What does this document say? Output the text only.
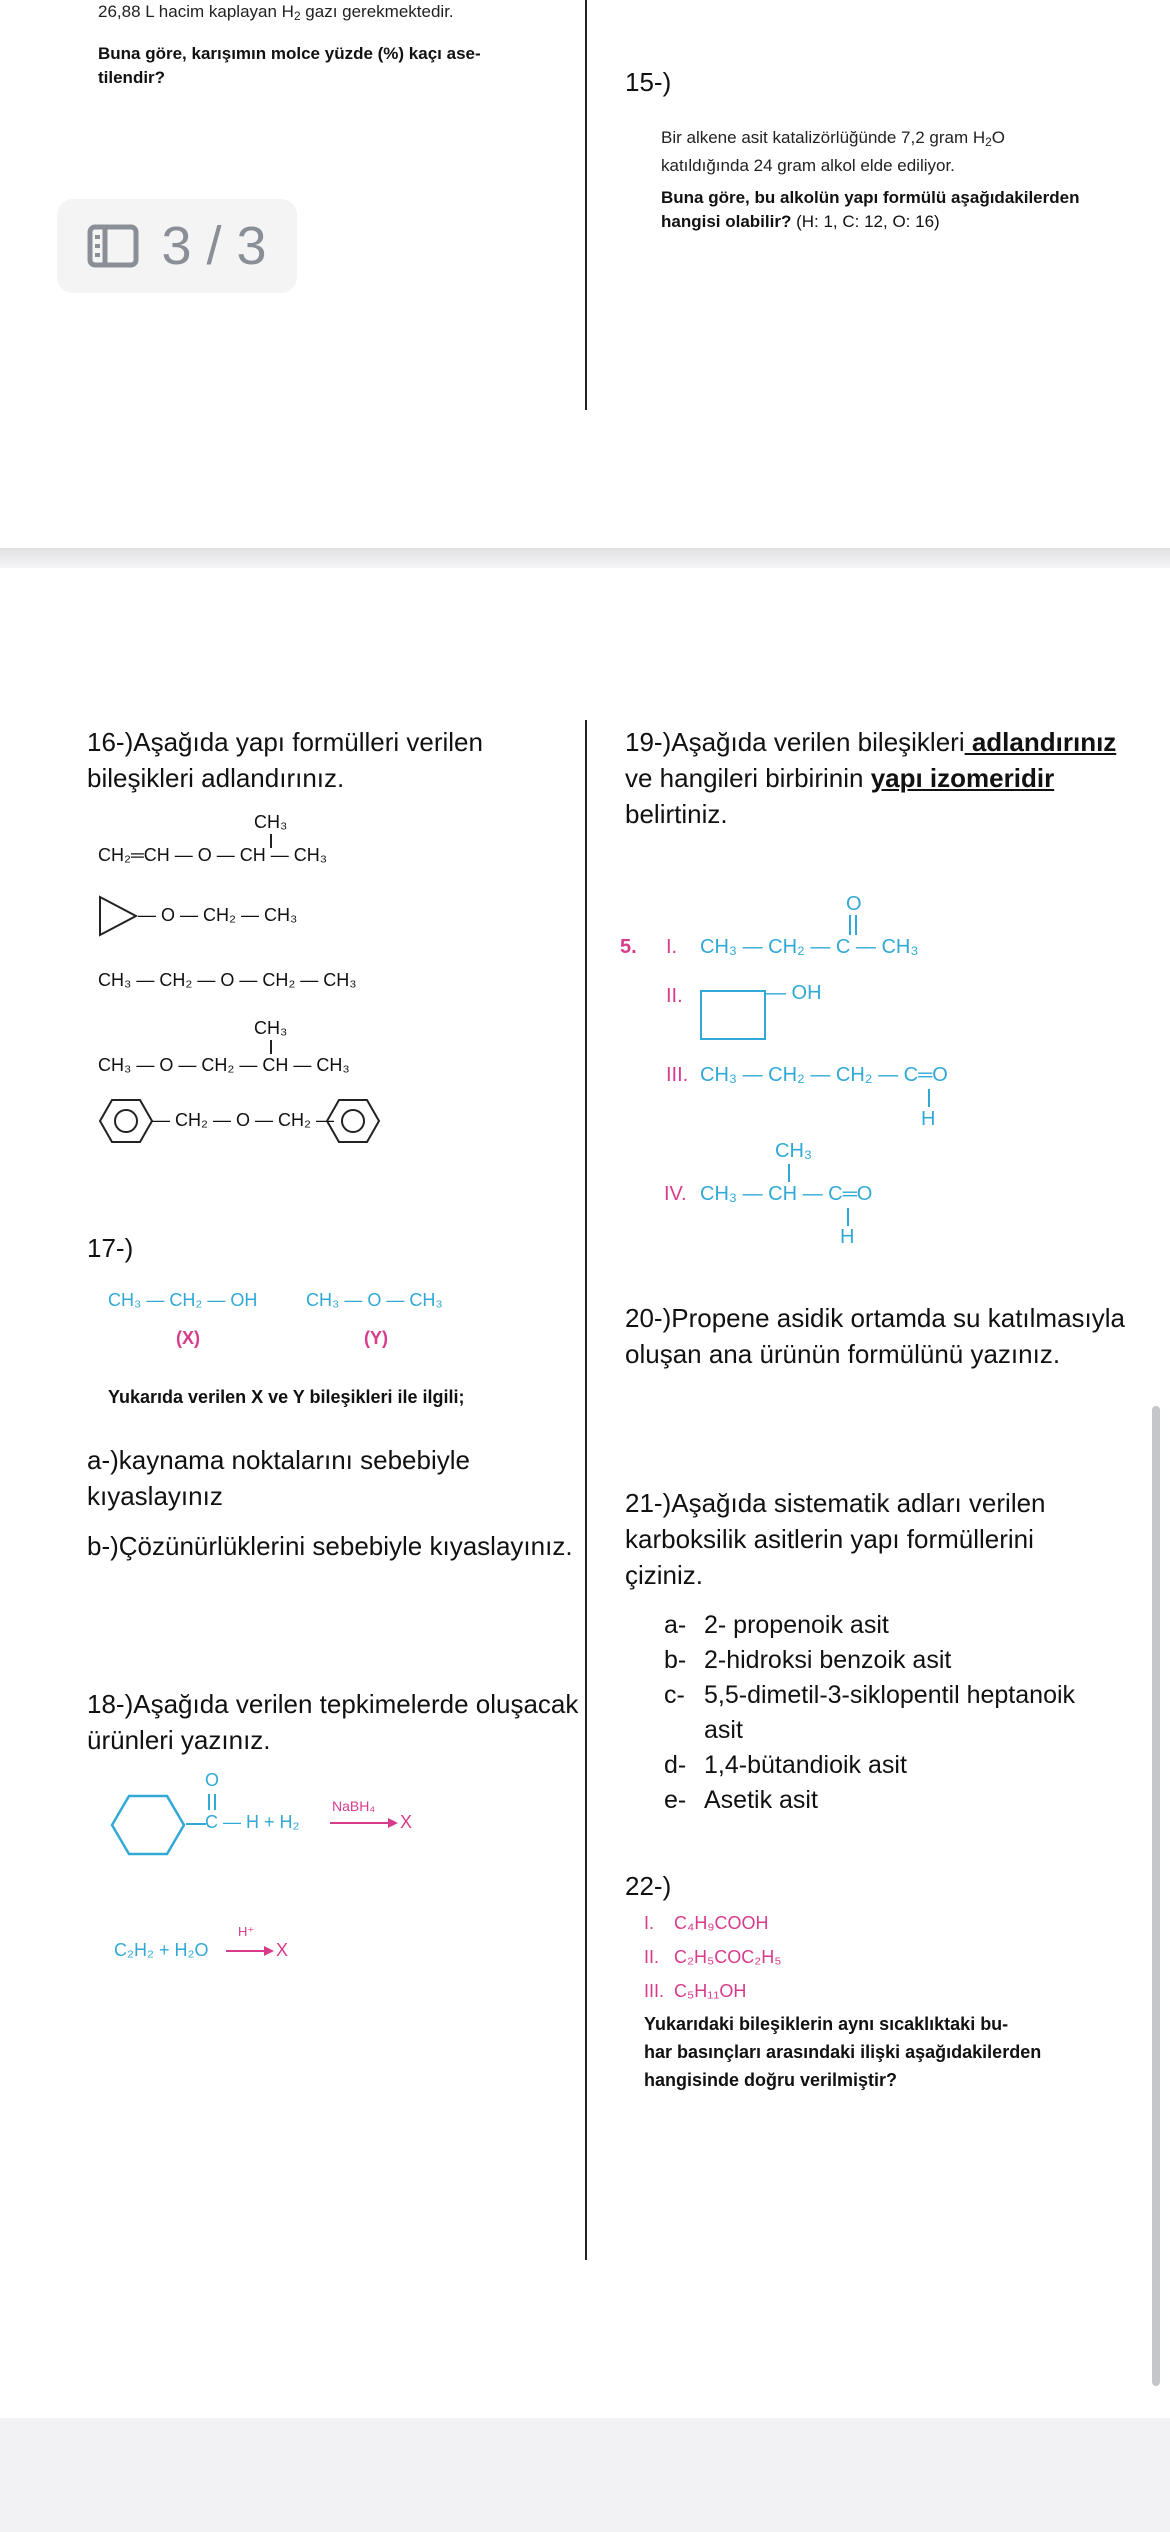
26,88 L hacim kaplayan $H_2$ gazı gerekmektedir.
Buna göre, karışımın molce yüzde (%) kaçı ase-
tilendir?	15-)
Bir alkene asit katalizörlüğünde 7,2 gram $H_2O$
katıldığında 24 gram alkol elde ediliyor.
Buna göre, bu alkolün yapı formülü aşağıdakilerden
hangisi olabilir? (H: 1, C: 12, O: 16)
3 / 3
16-)Aşağıda yapı formülleri verilen
bileşikleri adlandırınız.
CH₃
CH₂═CH — O — CH — CH₃
— O — CH₂ — CH₃
CH₃ — CH₂ — O — CH₂ — CH₃
CH₃
CH₃ — O — CH₂ — CH — CH₃
— CH₂ — O — CH₂ —
17-)
CH₃ — CH₂ — OH	CH₃ — O — CH₃
(X)	(Y)
Yukarıda verilen X ve Y bileşikleri ile ilgili;
a-)kaynama noktalarını sebebiyle
kıyaslayınız
b-)Çözünürlüklerini sebebiyle kıyaslayınız.
18-)Aşağıda verilen tepkimelerde oluşacak
ürünleri yazınız.
O
C — H + H₂
NaBH₄
X
C₂H₂ + H₂O
H⁺
X
19-)Aşağıda verilen bileşikleri adlandırınız
ve hangileri birbirinin yapı izomeridir
belirtiniz.
5.
O
I. CH₃ — CH₂ — C — CH₃
II.	— OH
III. CH₃ — CH₂ — CH₂ — C═O
H
CH₃
IV. CH₃ — CH — C═O
H
20-)Propene asidik ortamda su katılmasıyla
oluşan ana ürünün formülünü yazınız.
21-)Aşağıda sistematik adları verilen
karboksilik asitlerin yapı formüllerini
çiziniz.
a- 2- propenoik asit
b- 2-hidroksi benzoik asit
c- 5,5-dimetil-3-siklopentil heptanoik
asit
d- 1,4-bütandioik asit
e- Asetik asit
22-)
I. C₄H₉COOH
II. C₂H₅COC₂H₅
III. C₅H₁₁OH
Yukarıdaki bileşiklerin aynı sıcaklıktaki bu-
har basınçları arasındaki ilişki aşağıdakilerden
hangisinde doğru verilmiştir?
